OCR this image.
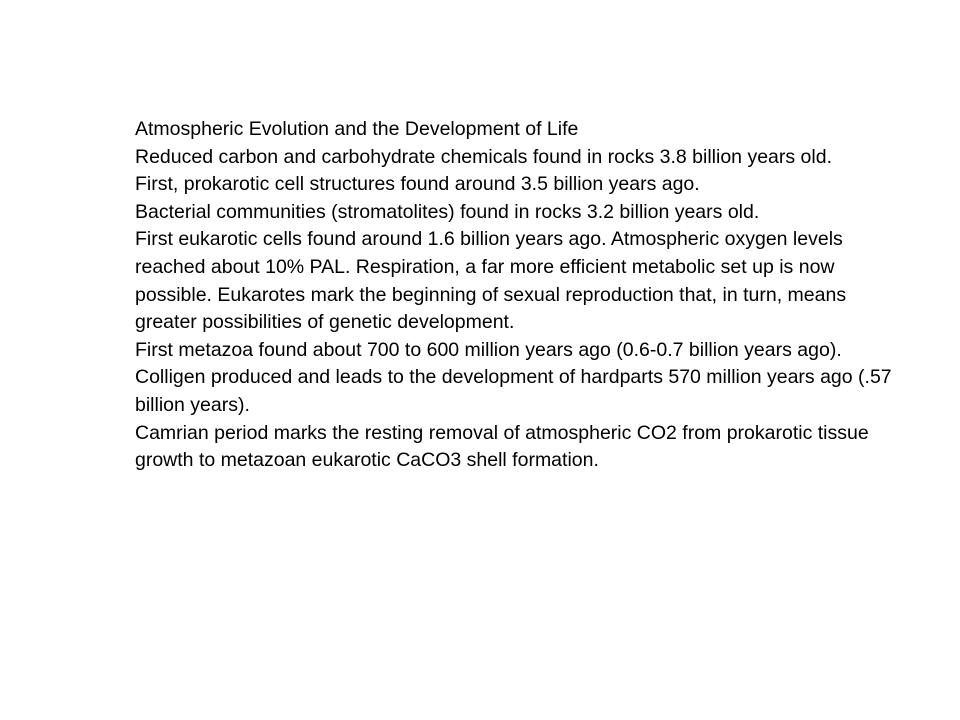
Atmospheric Evolution and the Development of Life

Reduced carbon and carbohydrate chemicals found in rocks 3.8 billion years old.

First, prokarotic cell structures found around 3.5 billion years ago.

Bacterial communities (stromatolites) found in rocks 3.2 billion years old.

First eukarotic cells found around 1.6 billion years ago. Atmospheric oxygen levels reached about 10% PAL. Respiration, a far more efficient metabolic set up is now possible. Eukarotes mark the beginning of sexual reproduction that, in turn, means greater possibilities of genetic development.

First metazoa found about 700 to 600 million years ago (0.6-0.7 billion years ago). Colligen produced and leads to the development of hardparts 570 million years ago (.57 billion years).

Camrian period marks the resting removal of atmospheric CO2 from prokarotic tissue growth to metazoan eukarotic CaCO3 shell formation.
